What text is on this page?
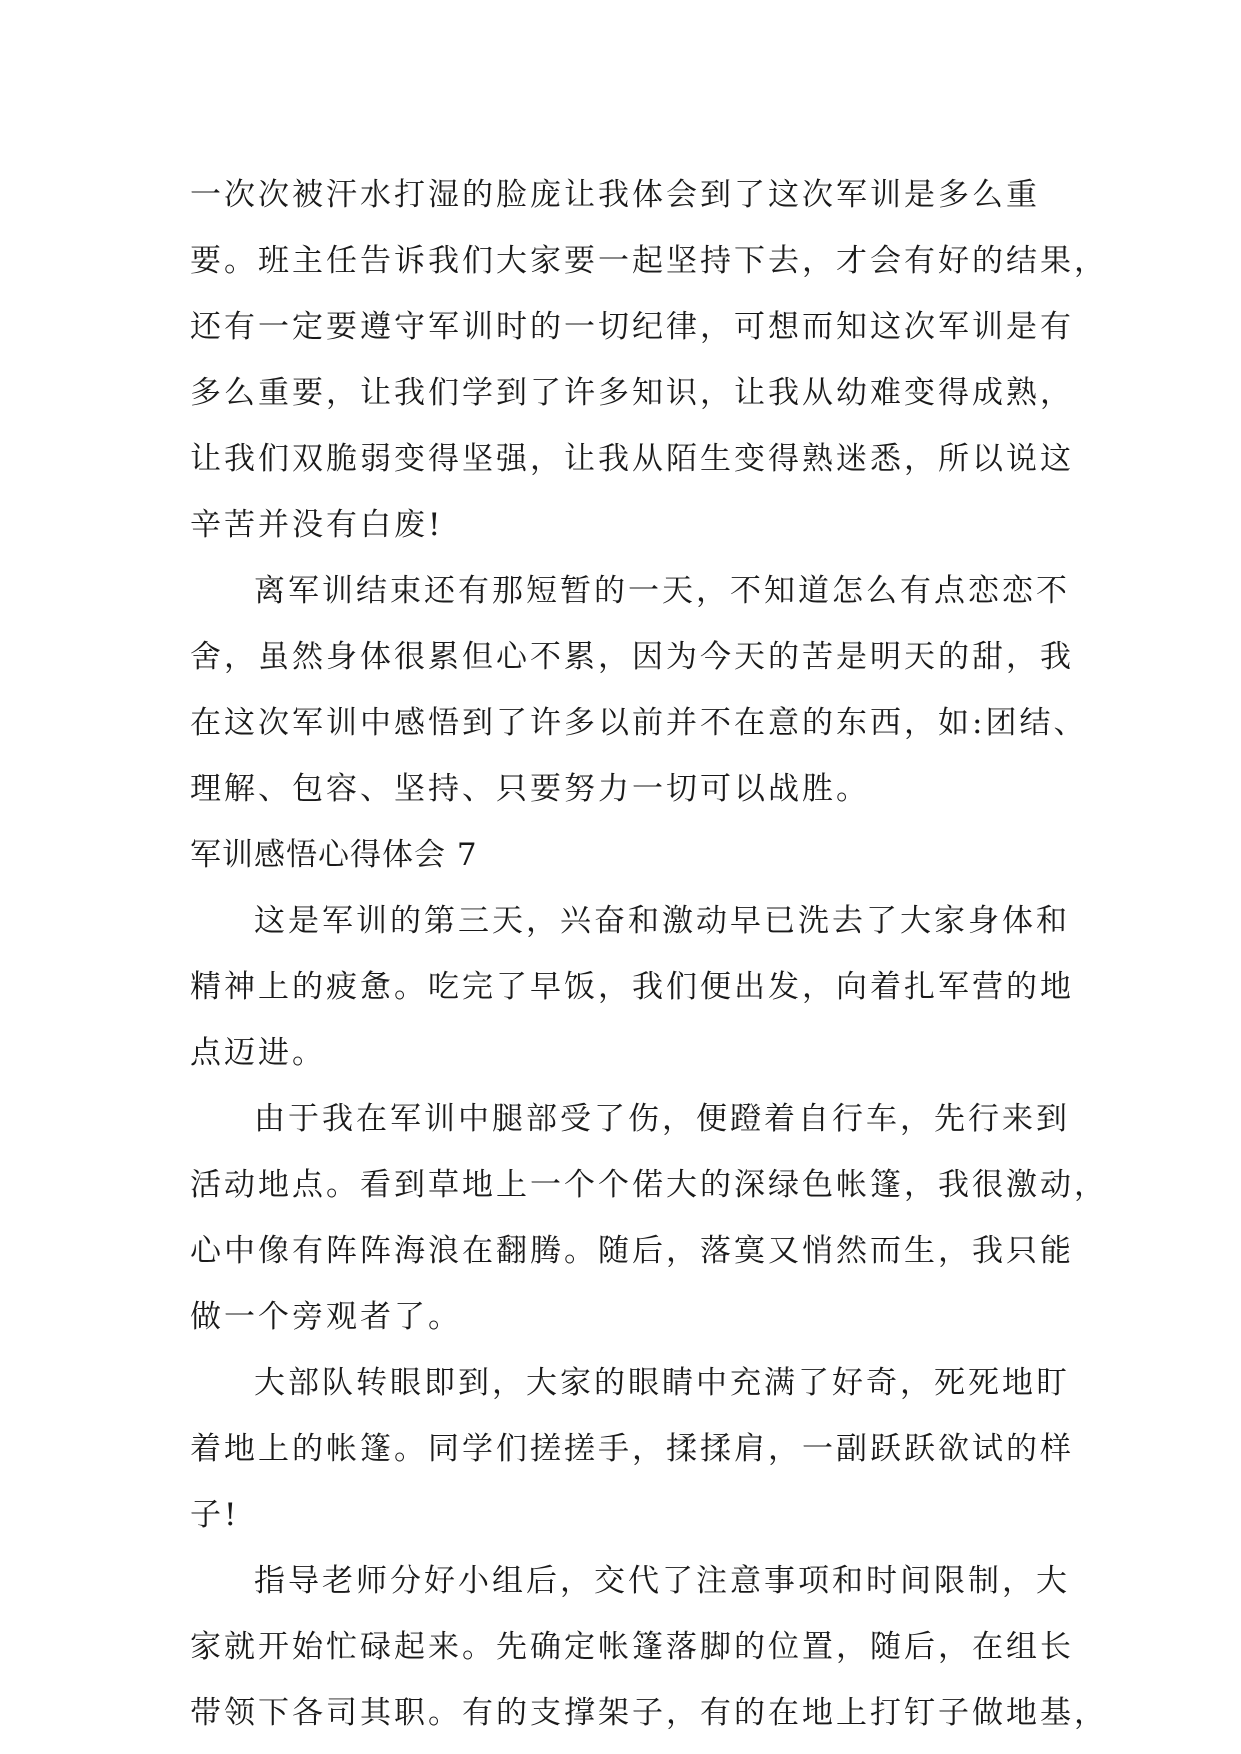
一次次被汗水打湿的脸庞让我体会到了这次军训是多么重
要。班主任告诉我们大家要一起坚持下去，才会有好的结果，
还有一定要遵守军训时的一切纪律，可想而知这次军训是有
多么重要，让我们学到了许多知识，让我从幼难变得成熟，
让我们双脆弱变得坚强，让我从陌生变得熟迷悉，所以说这
辛苦并没有白废!
离军训结束还有那短暂的一天，不知道怎么有点恋恋不
舍，虽然身体很累但心不累，因为今天的苦是明天的甜，我
在这次军训中感悟到了许多以前并不在意的东西，如:团结、
理解、包容、坚持、只要努力一切可以战胜。
军训感悟心得体会 7
这是军训的第三天，兴奋和激动早已洗去了大家身体和
精神上的疲惫。吃完了早饭，我们便出发，向着扎军营的地
点迈进。
由于我在军训中腿部受了伤，便蹬着自行车，先行来到
活动地点。看到草地上一个个偌大的深绿色帐篷，我很激动，
心中像有阵阵海浪在翻腾。随后，落寞又悄然而生，我只能
做一个旁观者了。
大部队转眼即到，大家的眼睛中充满了好奇，死死地盯
着地上的帐篷。同学们搓搓手，揉揉肩，一副跃跃欲试的样
子!
指导老师分好小组后，交代了注意事项和时间限制，大
家就开始忙碌起来。先确定帐篷落脚的位置，随后，在组长
带领下各司其职。有的支撑架子，有的在地上打钉子做地基，
